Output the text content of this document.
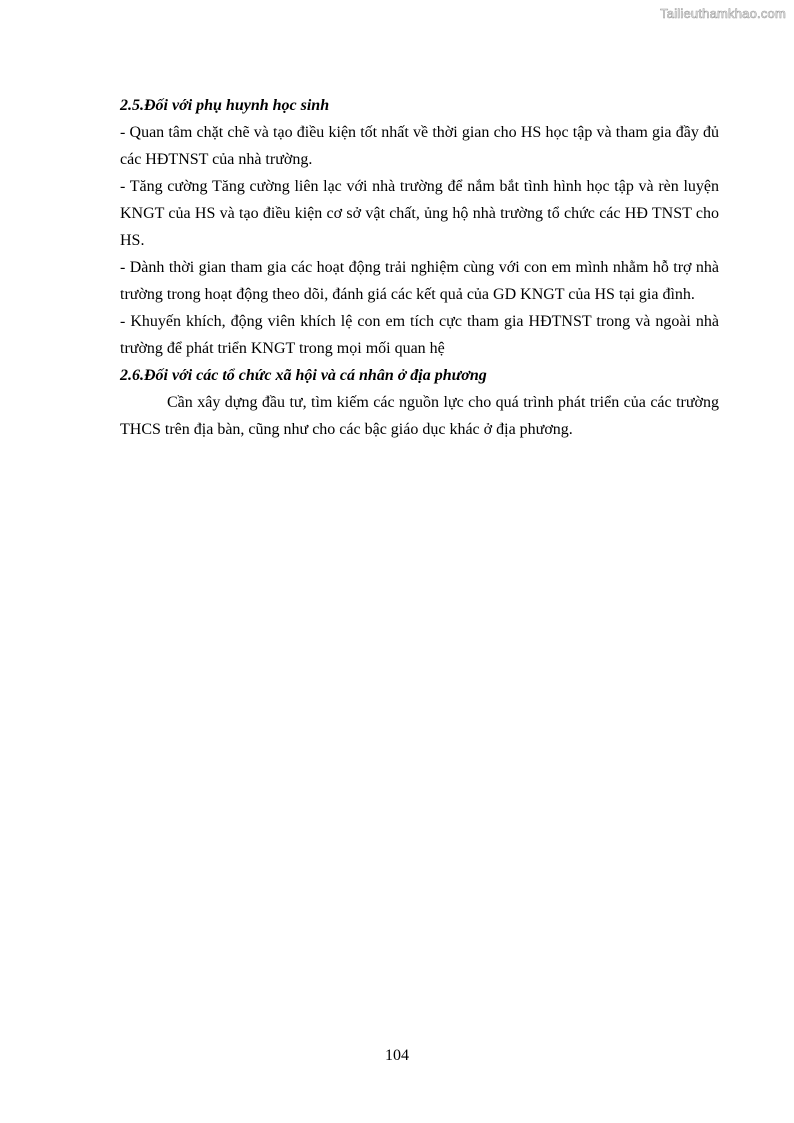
Tailieuthamkhao.com

2.5.Đối với phụ huynh học sinh

- Quan tâm chặt chẽ và tạo điều kiện tốt nhất về thời gian cho HS học tập và tham gia đầy đủ các HĐTNST của nhà trường.

- Tăng cường Tăng cường liên lạc với nhà trường để nắm bắt tình hình học tập và rèn luyện KNGT của HS và tạo điều kiện cơ sở vật chất, ủng hộ nhà trường tổ chức các HĐ TNST cho HS.

- Dành thời gian tham gia các hoạt động trải nghiệm cùng với con em mình nhằm hỗ trợ nhà trường trong hoạt động theo dõi, đánh giá các kết quả của GD KNGT của HS tại gia đình.

- Khuyến khích, động viên khích lệ con em tích cực tham gia HĐTNST trong và ngoài nhà trường để phát triển KNGT trong mọi mối quan hệ

2.6.Đối với các tổ chức xã hội và cá nhân ở địa phương

Cần xây dựng đầu tư, tìm kiếm các nguồn lực cho quá trình phát triển của các trường THCS trên địa bàn, cũng như cho các bậc giáo dục khác ở địa phương.

104
